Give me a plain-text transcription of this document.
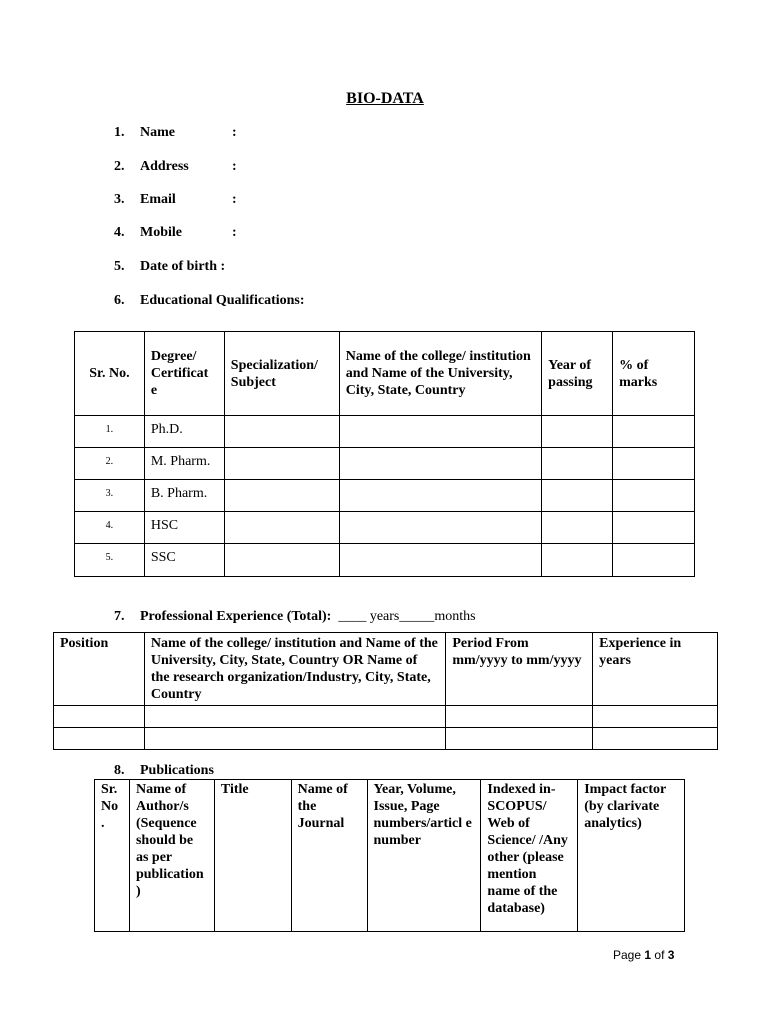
BIO-DATA
1. Name	:
2. Address	:
3. Email	:
4. Mobile	:
5. Date of birth :
6. Educational Qualifications:
Sr. No.	Degree/ Certificat e	Specialization/ Subject	Name of the college/ institution and Name of the University, City, State, Country	Year of passing	% of marks
1.	Ph.D.				
2.	M. Pharm.				
3.	B. Pharm.				
4.	HSC				
5.	SSC				
7. Professional Experience (Total): ____ years_____months
Position	Name of the college/ institution and Name of the University, City, State, Country OR Name of the research organization/Industry, City, State, Country	Period From mm/yyyy to mm/yyyy	Experience in years

8. Publications
Sr. No .	Name of Author/s (Sequence should be as per publication )	Title	Name of the Journal	Year, Volume, Issue, Page numbers/articl e number	Indexed in- SCOPUS/ Web of Science/ /Any other (please mention name of the database)	Impact factor (by clarivate analytics)
Page 1 of 3
